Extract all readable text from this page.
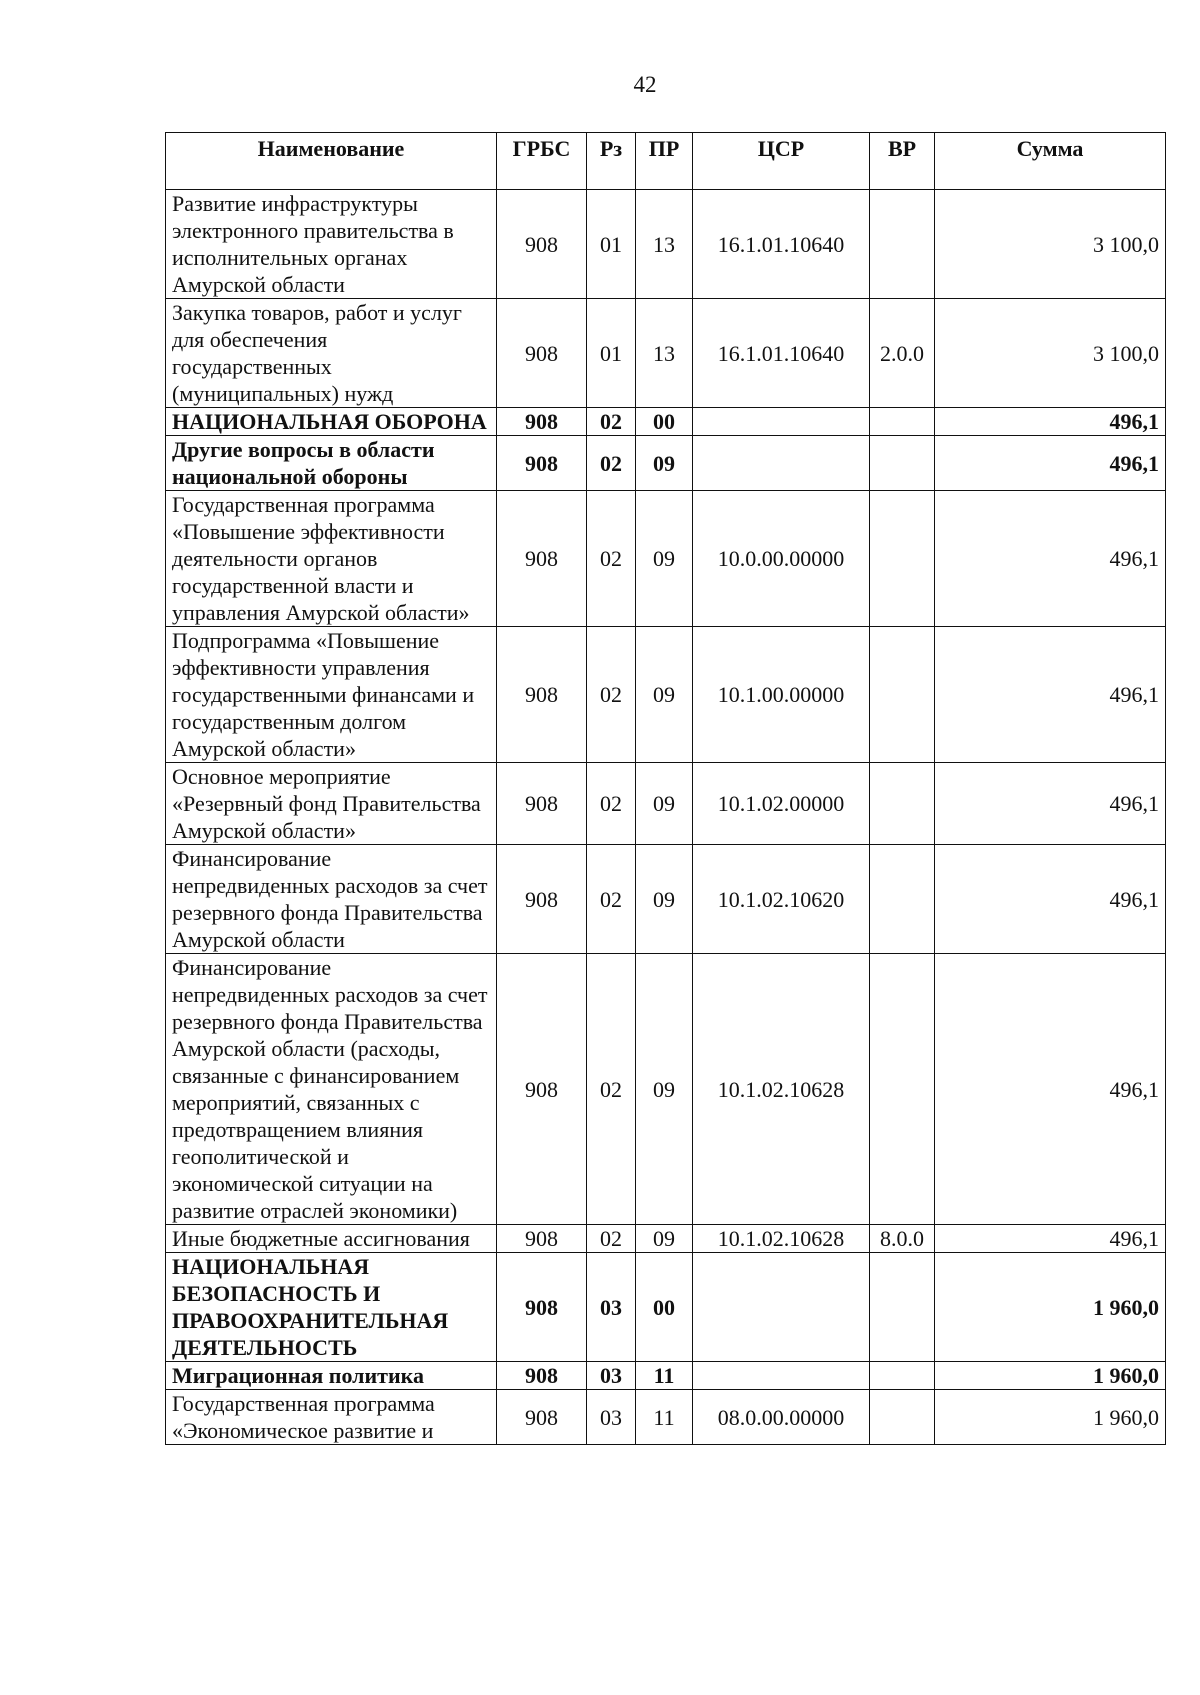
42
Наименование	ГРБС	Рз	ПР	ЦСР	ВР	Сумма
Развитие инфраструктуры электронного правительства в исполнительных органах Амурской области	908	01	13	16.1.01.10640		3 100,0
Закупка товаров, работ и услуг для обеспечения государственных (муниципальных) нужд	908	01	13	16.1.01.10640	2.0.0	3 100,0
НАЦИОНАЛЬНАЯ ОБОРОНА	908	02	00			496,1
Другие вопросы в области национальной обороны	908	02	09			496,1
Государственная программа «Повышение эффективности деятельности органов государственной власти и управления Амурской области»	908	02	09	10.0.00.00000		496,1
Подпрограмма «Повышение эффективности управления государственными финансами и государственным долгом Амурской области»	908	02	09	10.1.00.00000		496,1
Основное мероприятие «Резервный фонд Правительства Амурской области»	908	02	09	10.1.02.00000		496,1
Финансирование непредвиденных расходов за счет резервного фонда Правительства Амурской области	908	02	09	10.1.02.10620		496,1
Финансирование непредвиденных расходов за счет резервного фонда Правительства Амурской области (расходы, связанные с финансированием мероприятий, связанных с предотвращением влияния геополитической и экономической ситуации на развитие отраслей экономики)	908	02	09	10.1.02.10628		496,1
Иные бюджетные ассигнования	908	02	09	10.1.02.10628	8.0.0	496,1
НАЦИОНАЛЬНАЯ БЕЗОПАСНОСТЬ И ПРАВООХРАНИТЕЛЬНАЯ ДЕЯТЕЛЬНОСТЬ	908	03	00			1 960,0
Миграционная политика	908	03	11			1 960,0
Государственная программа «Экономическое развитие и	908	03	11	08.0.00.00000		1 960,0
